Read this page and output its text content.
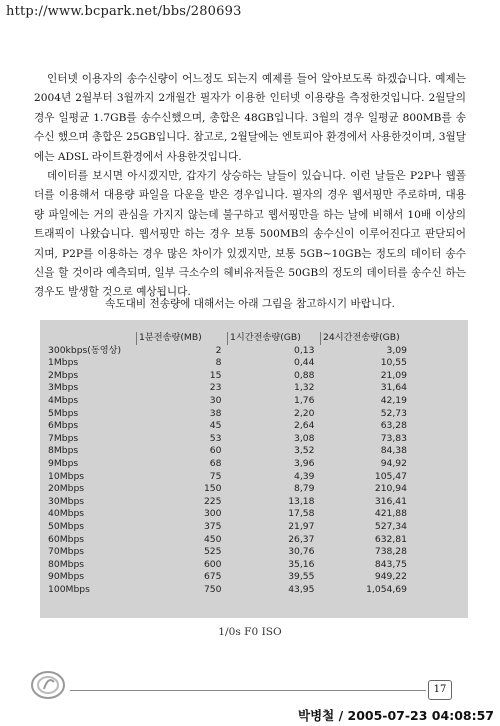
http://www.bcpark.net/bbs/280693

인터넷 이용자의 송수신량이 어느정도 되는지 예제를 들어 알아보도록 하겠습니다. 예제는 2004년 2월부터 3월까지 2개월간 필자가 이용한 인터넷 이용량을 측정한것입니다. 2월달의 경우 일평균 1.7GB를 송수신했으며, 총합은 48GB입니다. 3월의 경우 일평균 800MB를 송수신 했으며 총합은 25GB입니다. 참고로, 2월달에는 엔토피아 환경에서 사용한것이며, 3월달에는 ADSL 라이트환경에서 사용한것입니다.

데이터를 보시면 아시겠지만, 갑자기 상승하는 날들이 있습니다. 이런 날들은 P2P나 웹폴더를 이용해서 대용량 파일을 다운을 받은 경우입니다. 필자의 경우 웹서핑만 주로하며, 대용량 파일에는 거의 관심을 가지지 않는데 불구하고 웹서핑만을 하는 날에 비해서 10배 이상의 트래픽이 나왔습니다. 웹서핑만 하는 경우 보통 500MB의 송수신이 이루어진다고 판단되어 지며, P2P를 이용하는 경우 많은 차이가 있겠지만, 보통 5GB~10GB는 정도의 데이터 송수신을 할 것이라 예측되며, 일부 극소수의 헤비유저들은 50GB의 정도의 데이터를 송수신 하는 경우도 발생할 것으로 예상됩니다.

속도대비 전송량에 대해서는 아래 그림을 참고하시기 바랍니다.
	1분전송량(MB)	1시간전송량(GB)	24시간전송량(GB)
300kbps(동영상)	2	0,13	3,09
1Mbps	8	0,44	10,55
2Mbps	15	0,88	21,09
3Mbps	23	1,32	31,64
4Mbps	30	1,76	42,19
5Mbps	38	2,20	52,73
6Mbps	45	2,64	63,28
7Mbps	53	3,08	73,83
8Mbps	60	3,52	84,38
9Mbps	68	3,96	94,92
10Mbps	75	4,39	105,47
20Mbps	150	8,79	210,94
30Mbps	225	13,18	316,41
40Mbps	300	17,58	421,88
50Mbps	375	21,97	527,34
60Mbps	450	26,37	632,81
70Mbps	525	30,76	738,28
80Mbps	600	35,16	843,75
90Mbps	675	39,55	949,22
100Mbps	750	43,95	1,054,69
1/0s F0 ISO
17
박병철 / 2005-07-23 04:08:57
